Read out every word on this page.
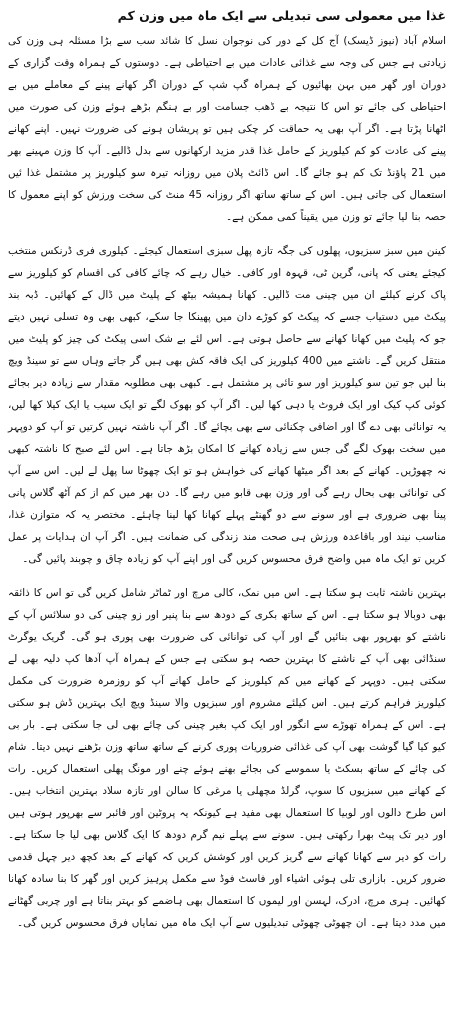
غذا میں معمولی سی تبدیلی سے ایک ماہ میں وزن کم
اسلام آباد (نیوز ڈیسک) آج کل کے دور کی نوجوان نسل کا شائد سب سے بڑا مسئلہ ہی وزن کی زیادتی ہے جس کی وجہ سے غذائی عادات میں بے احتیاطی ہے۔ دوستوں کے ہمراہ وقت گزاری کے دوران اور گھر میں بہن بھائیوں کے ہمراہ گپ شپ کے دوران اگر کھانے پینے کے معاملے میں بے احتیاطی کی جائے تو اس کا نتیجہ بے ڈھب جسامت اور بے ہنگم بڑھے ہوئے وزن کی صورت میں اٹھانا پڑتا ہے۔ اگر آپ بھی یہ حماقت کر چکی ہیں تو پریشان ہونے کی ضرورت نہیں۔ اپنے کھانے پینے کی عادت کو کم کیلوریز کے حامل غذا قدر مزید ارکھانوں سے بدل ڈالیے۔ آپ کا وزن مہینے بھر میں 21 پاؤنڈ تک کم ہو جائے گا۔ اس ڈائٹ پلان میں روزانہ تیرہ سو کیلوریز پر مشتمل غذا ئیں استعمال کی جاتی ہیں۔ اس کے ساتھ ساتھ اگر روزانہ 45 منٹ کی سخت ورزش کو اپنے معمول کا حصہ بنا لیا جائے تو وزن میں یقیناً کمی ممکن ہے۔
کینن میں سبز سبزیوں، پھلوں کی جگہ تازہ پھل سبزی استعمال کیجئے۔ کیلوری فری ڈرنکس منتخب کیجئے یعنی کہ پانی، گرین ٹی، قہوہ اور کافی۔ خیال رہے کہ چائے کافی کی اقسام کو کیلوریز سے پاک کرنے کیلئے ان میں چینی مت ڈالیں۔ کھانا ہمیشہ بیٹھ کے پلیٹ میں ڈال کے کھائیں۔ ڈبہ بند پیکٹ میں دستیاب جسے کہ پیکٹ کو کوڑے دان میں پھینکا جا سکے، کبھی بھی وہ تسلی نہیں دیتے جو کہ پلیٹ میں کھانا کھانے سے حاصل ہوتی ہے۔ اس لئے بے شک اسی پیکٹ کی چیز کو پلیٹ میں منتقل کریں گے۔ ناشتے میں 400 کیلوریز کی ایک فاقہ کش بھی ہیں گر جاتے وہاں سے تو سینڈ ویچ بنا لیں جو تین سو کیلوریز اور سو تائی پر مشتمل ہے۔ کبھی بھی مطلوبہ مقدار سے زیادہ دیر بجائے کوئی کپ کیک اور ایک فروٹ یا دہی کھا لیں۔ اگر آپ کو بھوک لگے تو ایک سیب یا ایک کیلا کھا لیں، یہ توانائی بھی دے گا اور اضافی چکنائی سے بھی بچائے گا۔ اگر آپ ناشتہ نہیں کرتیں تو آپ کو دوپہر میں سخت بھوک لگے گی جس سے زیادہ کھانے کا امکان بڑھ جاتا ہے۔ اس لئے صبح کا ناشتہ کبھی نہ چھوڑیں۔ کھانے کے بعد اگر میٹھا کھانے کی خواہش ہو تو ایک چھوٹا سا پھل لے لیں۔ اس سے آپ کی توانائی بھی بحال رہے گی اور وزن بھی قابو میں رہے گا۔ دن بھر میں کم از کم آٹھ گلاس پانی پینا بھی ضروری ہے اور سونے سے دو گھنٹے پہلے کھانا کھا لینا چاہئے۔ مختصر یہ کہ متوازن غذا، مناسب نیند اور باقاعدہ ورزش ہی صحت مند زندگی کی ضمانت ہیں۔ اگر آپ ان ہدایات پر عمل کریں تو ایک ماہ میں واضح فرق محسوس کریں گی اور اپنے آپ کو زیادہ چاق و چوبند پائیں گی۔
بہترین ناشتہ ثابت ہو سکتا ہے۔ اس میں نمک، کالی مرچ اور ٹماٹر شامل کریں گی تو اس کا ذائقہ بھی دوبالا ہو سکتا ہے۔ اس کے ساتھ بکری کے دودھ سے بنا پنیر اور زو چینی کی دو سلائس آپ کے ناشتے کو بھرپور بھی بنائیں گے اور آپ کی توانائی کی ضرورت بھی پوری ہو گی۔ گریک یوگرٹ سنڈائی بھی آپ کے ناشتے کا بہترین حصہ ہو سکتی ہے جس کے ہمراہ آپ آدھا کپ دلیہ بھی لے سکتی ہیں۔ دوپہر کے کھانے میں کم کیلوریز کے حامل کھانے آپ کو روزمرہ ضرورت کی مکمل کیلوریز فراہم کرتے ہیں۔ اس کیلئے مشروم اور سبزیوں والا سینڈ ویچ ایک بہترین ڈش ہو سکتی ہے۔ اس کے ہمراہ تھوڑے سے انگور اور ایک کپ بغیر چینی کی چائے بھی لی جا سکتی ہے۔ بار بی کیو کیا گیا گوشت بھی آپ کی غذائی ضروریات پوری کرنے کے ساتھ ساتھ وزن بڑھنے نہیں دیتا۔ شام کی چائے کے ساتھ بسکٹ یا سموسے کی بجائے بھنے ہوئے چنے اور مونگ پھلی استعمال کریں۔ رات کے کھانے میں سبزیوں کا سوپ، گرلڈ مچھلی یا مرغی کا سالن اور تازہ سلاد بہترین انتخاب ہیں۔ اس طرح دالوں اور لوبیا کا استعمال بھی مفید ہے کیونکہ یہ پروٹین اور فائبر سے بھرپور ہوتی ہیں اور دیر تک پیٹ بھرا رکھتی ہیں۔ سونے سے پہلے نیم گرم دودھ کا ایک گلاس بھی لیا جا سکتا ہے۔ رات کو دیر سے کھانا کھانے سے گریز کریں اور کوشش کریں کہ کھانے کے بعد کچھ دیر چہل قدمی ضرور کریں۔ بازاری تلی ہوئی اشیاء اور فاسٹ فوڈ سے مکمل پرہیز کریں اور گھر کا بنا سادہ کھانا کھائیں۔ ہری مرچ، ادرک، لہسن اور لیموں کا استعمال بھی ہاضمے کو بہتر بناتا ہے اور چربی گھٹانے میں مدد دیتا ہے۔ ان چھوٹی چھوٹی تبدیلیوں سے آپ ایک ماہ میں نمایاں فرق محسوس کریں گی۔
